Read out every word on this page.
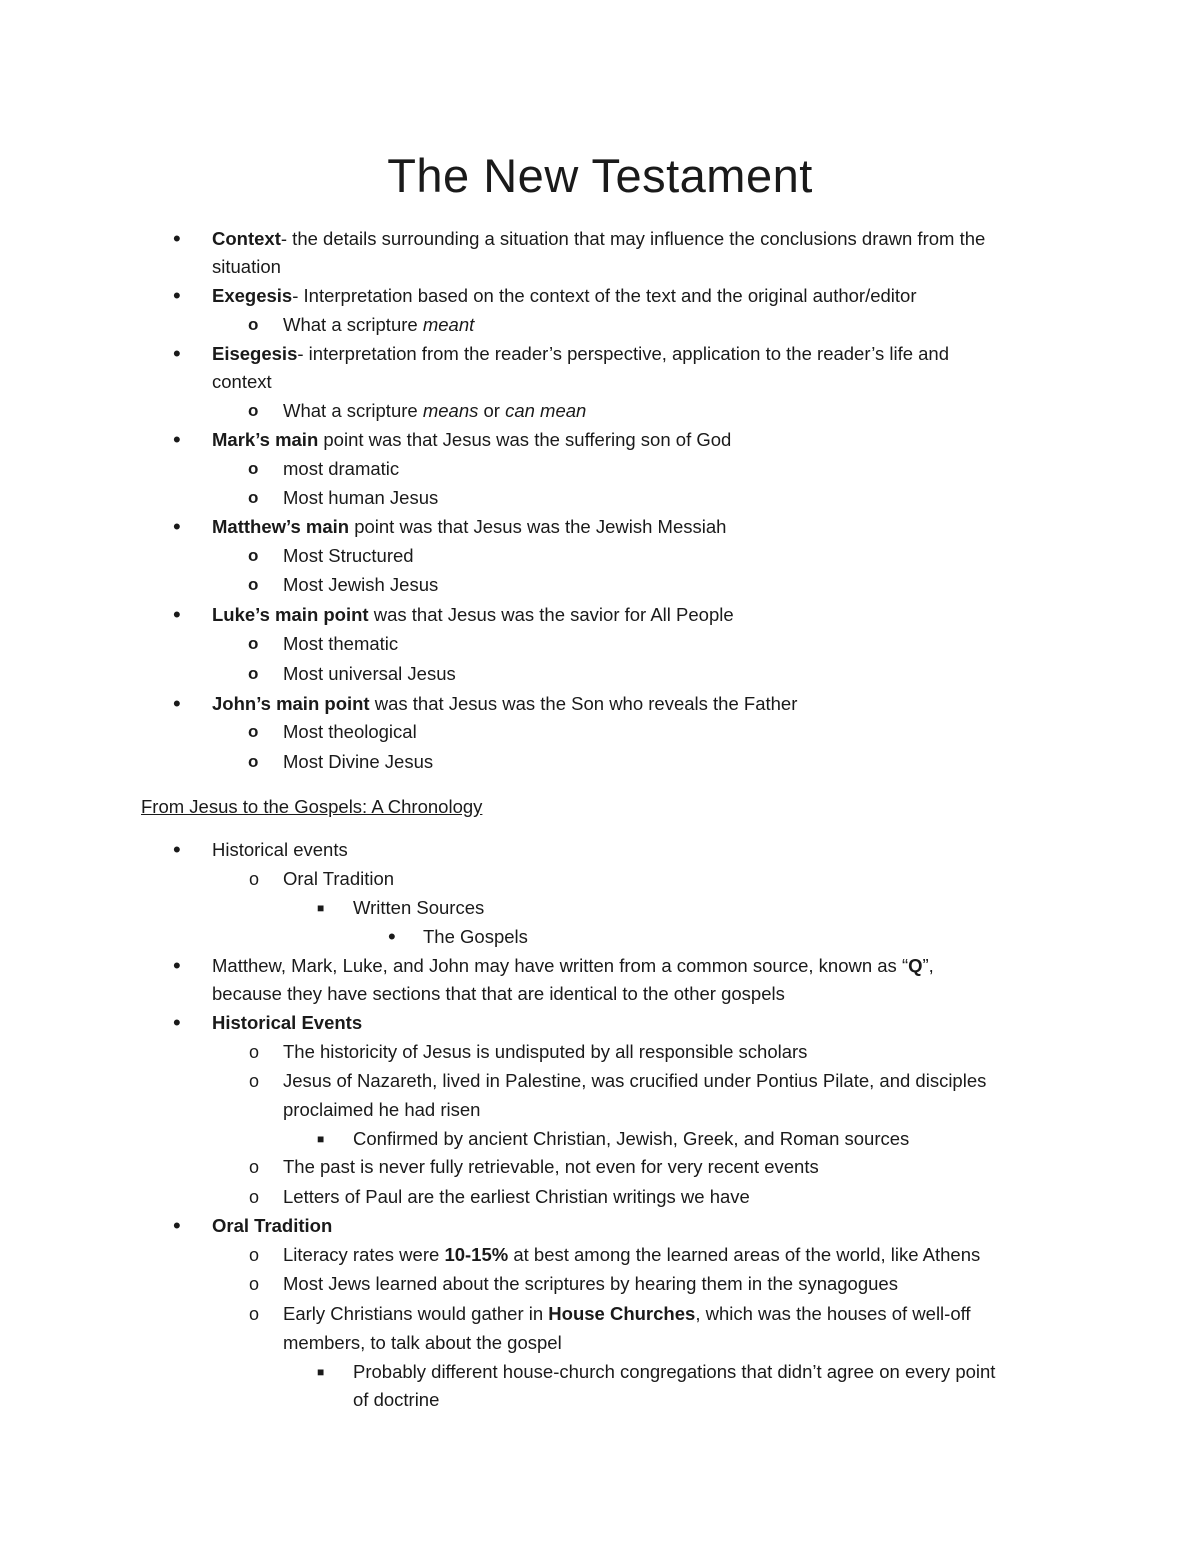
The New Testament
• Context- the details surrounding a situation that may influence the conclusions drawn from the
situation
• Exegesis- Interpretation based on the context of the text and the original author/editor
o What a scripture meant
• Eisegesis- interpretation from the reader’s perspective, application to the reader’s life and
context
o What a scripture means or can mean
• Mark’s main point was that Jesus was the suffering son of God
o most dramatic
o Most human Jesus
• Matthew’s main point was that Jesus was the Jewish Messiah
o Most Structured
o Most Jewish Jesus
• Luke’s main point was that Jesus was the savior for All People
o Most thematic
o Most universal Jesus
• John’s main point was that Jesus was the Son who reveals the Father
o Most theological
o Most Divine Jesus
From Jesus to the Gospels: A Chronology
• Historical events
o Oral Tradition
■ Written Sources
• The Gospels
• Matthew, Mark, Luke, and John may have written from a common source, known as “Q”,
because they have sections that that are identical to the other gospels
• Historical Events
o The historicity of Jesus is undisputed by all responsible scholars
o Jesus of Nazareth, lived in Palestine, was crucified under Pontius Pilate, and disciples
proclaimed he had risen
■ Confirmed by ancient Christian, Jewish, Greek, and Roman sources
o The past is never fully retrievable, not even for very recent events
o Letters of Paul are the earliest Christian writings we have
• Oral Tradition
o Literacy rates were 10-15% at best among the learned areas of the world, like Athens
o Most Jews learned about the scriptures by hearing them in the synagogues
o Early Christians would gather in House Churches, which was the houses of well-off
members, to talk about the gospel
■ Probably different house-church congregations that didn’t agree on every point
of doctrine
